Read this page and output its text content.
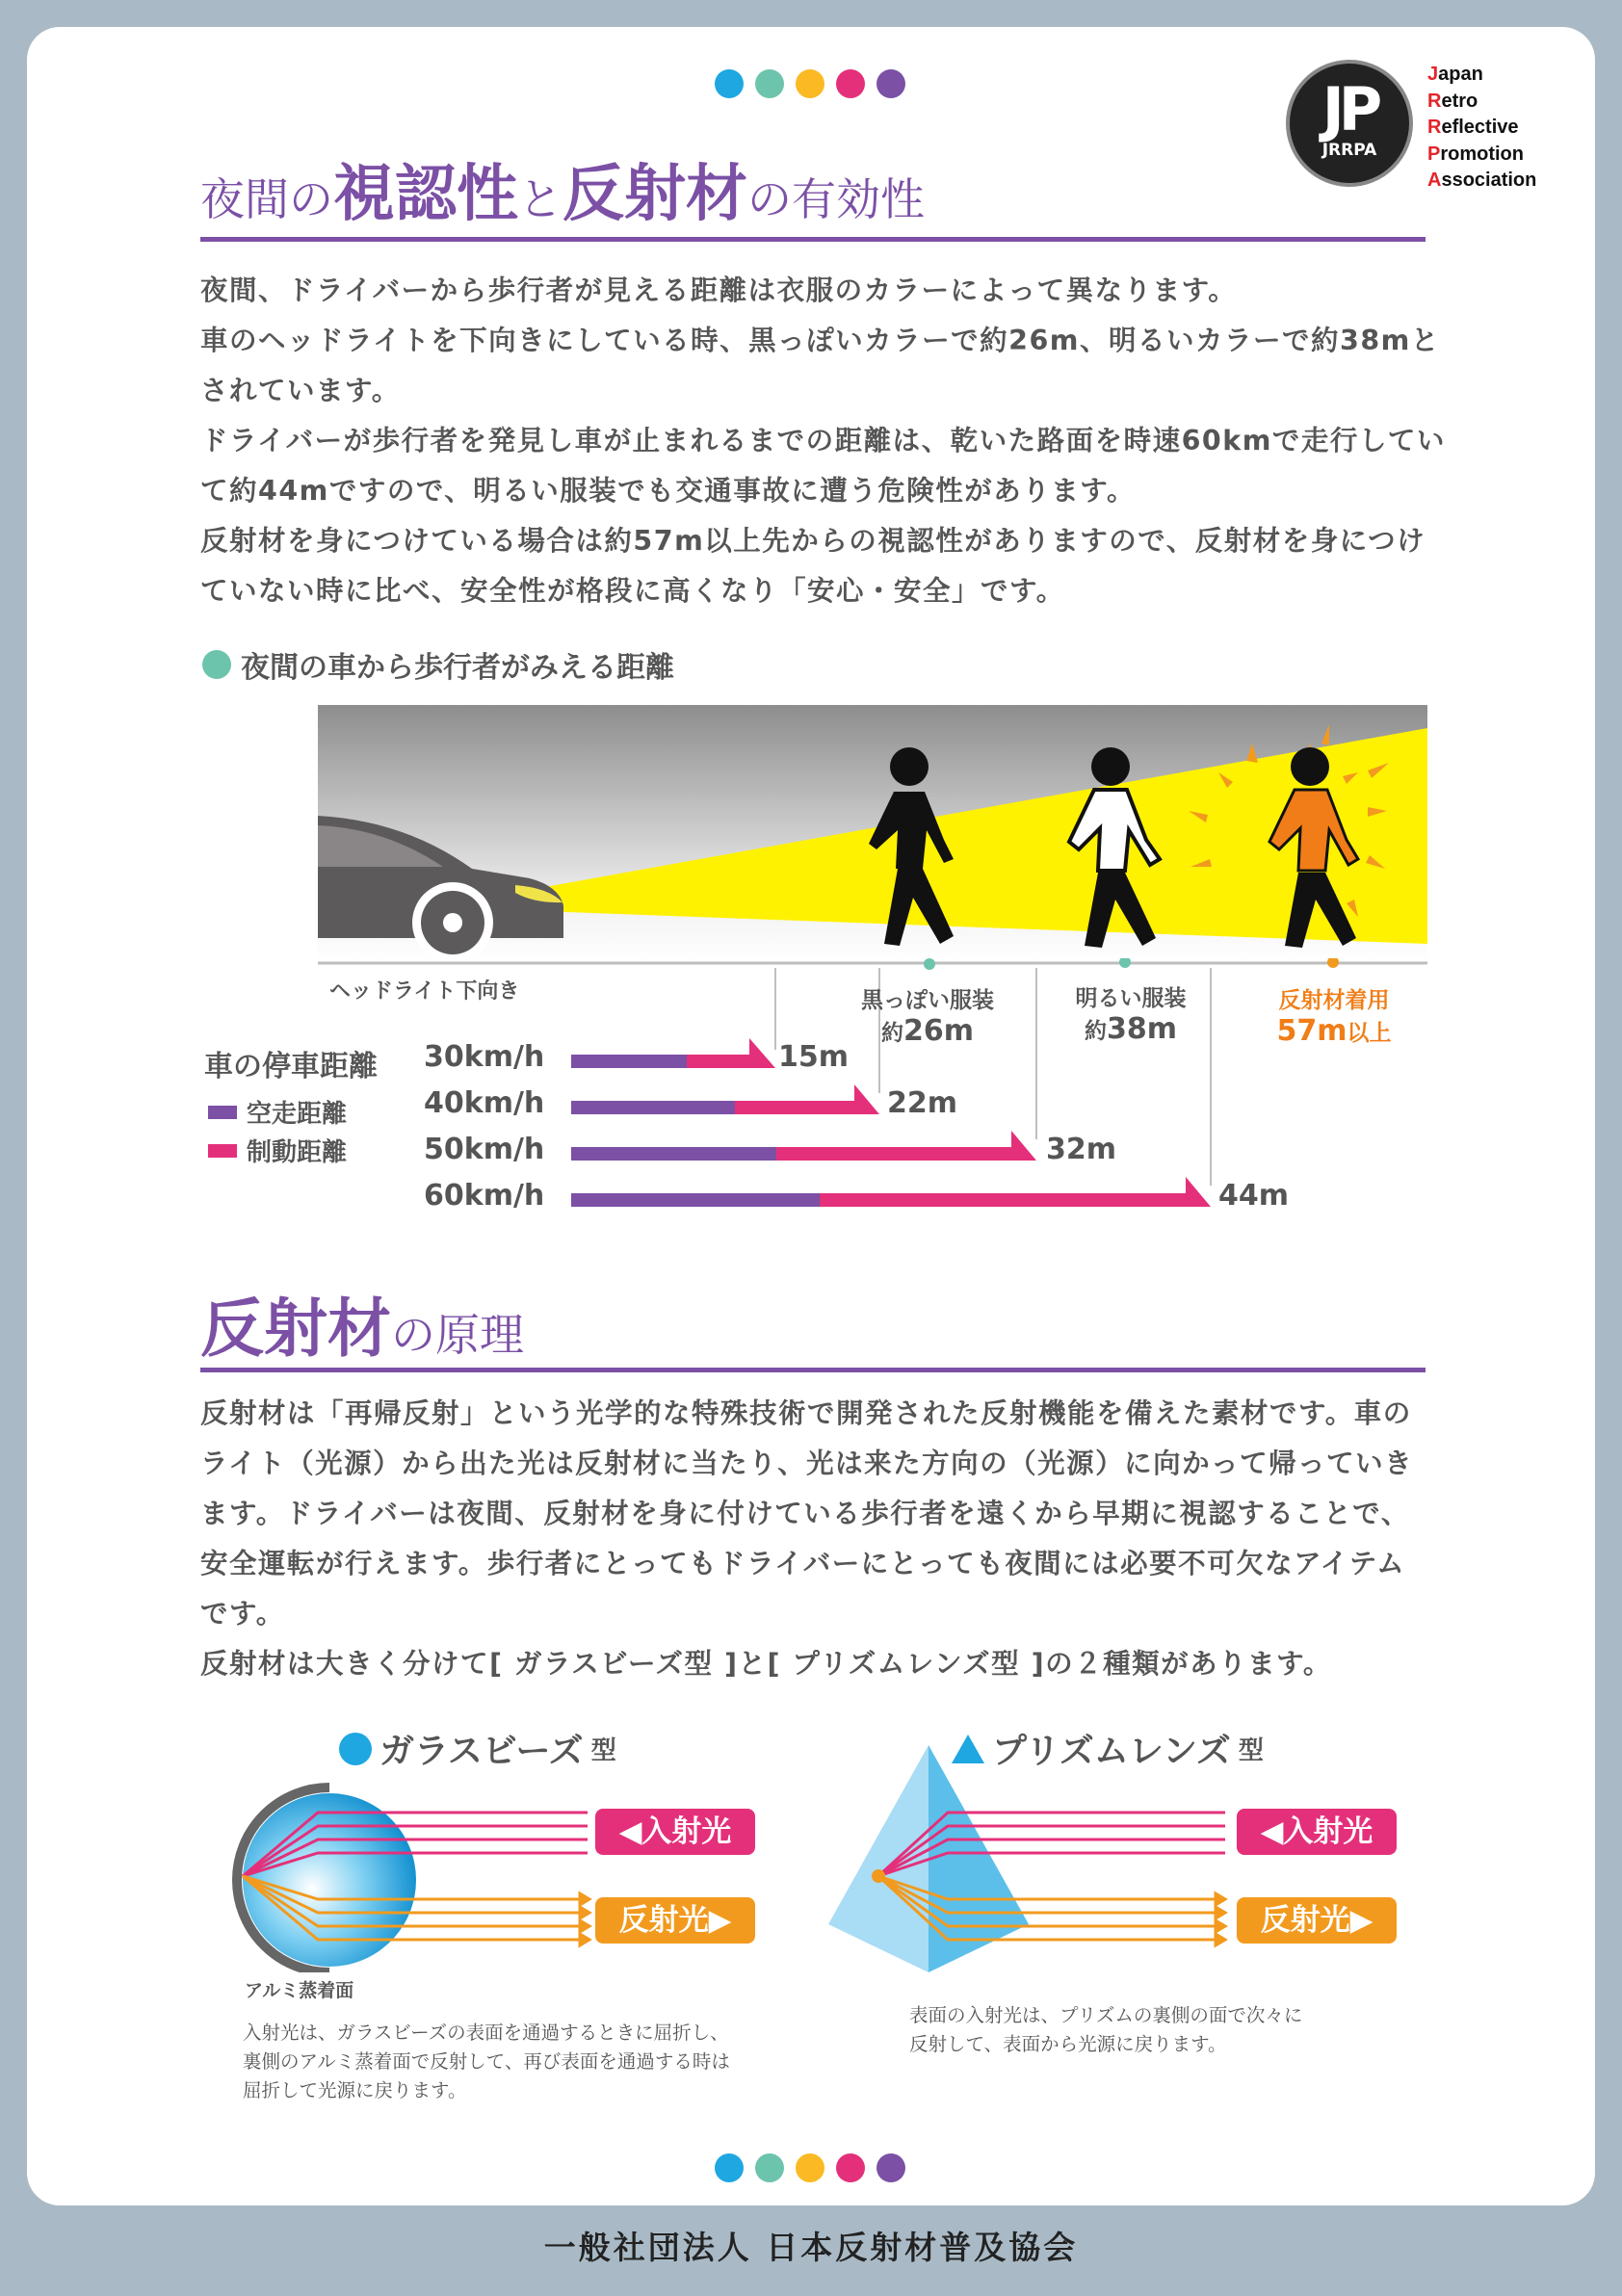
JP
JRRPA
Japan
Retro
Reflective
Promotion
Association
夜間の視認性と反射材の有効性

夜間、ドライバーから歩行者が見える距離は衣服のカラーによって異なります。

車のヘッドライトを下向きにしている時、黒っぽいカラーで約26m、明るいカラーで約38mとされています。

ドライバーが歩行者を発見し車が止まれるまでの距離は、乾いた路面を時速60kmで走行していて約44mですので、明るい服装でも交通事故に遭う危険性があります。

反射材を身につけている場合は約57m以上先からの視認性がありますので、反射材を身につけていない時に比べ、安全性が格段に高くなり「安心・安全」です。

夜間の車から歩行者がみえる距離
ヘッドライト下向き	黒っぽい服装
約26m
明るい服装
約38m
反射材着用
57m以上
車の停車距離
空走距離
制動距離
30km/h
40km/h
50km/h
60km/h
15m
22m
32m
44m
反射材の原理

反射材は「再帰反射」という光学的な特殊技術で開発された反射機能を備えた素材です。車のライト（光源）から出た光は反射材に当たり、光は来た方向の（光源）に向かって帰っていきます。ドライバーは夜間、反射材を身に付けている歩行者を遠くから早期に視認することで、安全運転が行えます。歩行者にとってもドライバーにとっても夜間には必要不可欠なアイテムです。

反射材は大きく分けて[ ガラスビーズ型 ]と[ プリズムレンズ型 ]の２種類があります。

ガラスビーズ 型
◀入射光
反射光▶
アルミ蒸着面
入射光は、ガラスビーズの表面を通過するときに屈折し、
裏側のアルミ蒸着面で反射して、再び表面を通過する時は
屈折して光源に戻ります。
プリズムレンズ 型
◀入射光
反射光▶
表面の入射光は、プリズムの裏側の面で次々に
反射して、表面から光源に戻ります。
一般社団法人 日本反射材普及協会
